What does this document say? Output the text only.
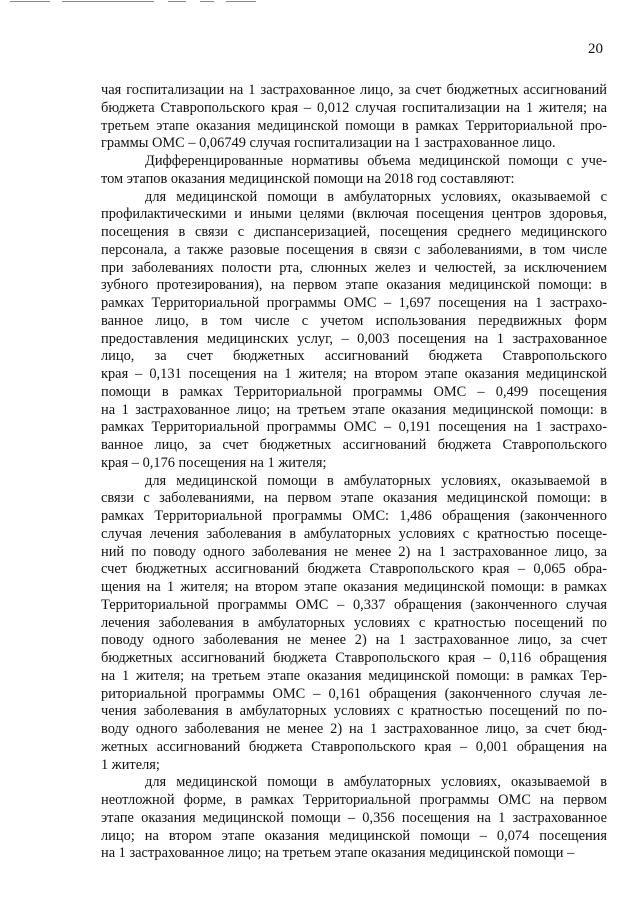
20
чая госпитализации на 1 застрахованное лицо, за счет бюджетных ассигнований
бюджета Ставропольского края – 0,012 случая госпитализации на 1 жителя; на
третьем этапе оказания медицинской помощи в рамках Территориальной про-
граммы ОМС – 0,06749 случая госпитализации на 1 застрахованное лицо.
Дифференцированные нормативы объема медицинской помощи с уче-
том этапов оказания медицинской помощи на 2018 год составляют:
для медицинской помощи в амбулаторных условиях, оказываемой с
профилактическими и иными целями (включая посещения центров здоровья,
посещения в связи с диспансеризацией, посещения среднего медицинского
персонала, а также разовые посещения в связи с заболеваниями, в том числе
при заболеваниях полости рта, слюнных желез и челюстей, за исключением
зубного протезирования), на первом этапе оказания медицинской помощи: в
рамках Территориальной программы ОМС – 1,697 посещения на 1 застрахо-
ванное лицо, в том числе с учетом использования передвижных форм
предоставления медицинских услуг, – 0,003 посещения на 1 застрахованное
лицо, за счет бюджетных ассигнований бюджета Ставропольского
края – 0,131 посещения на 1 жителя; на втором этапе оказания медицинской
помощи в рамках Территориальной программы ОМС – 0,499 посещения
на 1 застрахованное лицо; на третьем этапе оказания медицинской помощи: в
рамках Территориальной программы ОМС – 0,191 посещения на 1 застрахо-
ванное лицо, за счет бюджетных ассигнований бюджета Ставропольского
края – 0,176 посещения на 1 жителя;
для медицинской помощи в амбулаторных условиях, оказываемой в
связи с заболеваниями, на первом этапе оказания медицинской помощи: в
рамках Территориальной программы ОМС: 1,486 обращения (законченного
случая лечения заболевания в амбулаторных условиях с кратностью посеще-
ний по поводу одного заболевания не менее 2) на 1 застрахованное лицо, за
счет бюджетных ассигнований бюджета Ставропольского края – 0,065 обра-
щения на 1 жителя; на втором этапе оказания медицинской помощи: в рамках
Территориальной программы ОМС – 0,337 обращения (законченного случая
лечения заболевания в амбулаторных условиях с кратностью посещений по
поводу одного заболевания не менее 2) на 1 застрахованное лицо, за счет
бюджетных ассигнований бюджета Ставропольского края – 0,116 обращения
на 1 жителя; на третьем этапе оказания медицинской помощи: в рамках Тер-
риториальной программы ОМС – 0,161 обращения (законченного случая ле-
чения заболевания в амбулаторных условиях с кратностью посещений по по-
воду одного заболевания не менее 2) на 1 застрахованное лицо, за счет бюд-
жетных ассигнований бюджета Ставропольского края – 0,001 обращения на
1 жителя;
для медицинской помощи в амбулаторных условиях, оказываемой в
неотложной форме, в рамках Территориальной программы ОМС на первом
этапе оказания медицинской помощи – 0,356 посещения на 1 застрахованное
лицо; на втором этапе оказания медицинской помощи – 0,074 посещения
на 1 застрахованное лицо; на третьем этапе оказания медицинской помощи –
